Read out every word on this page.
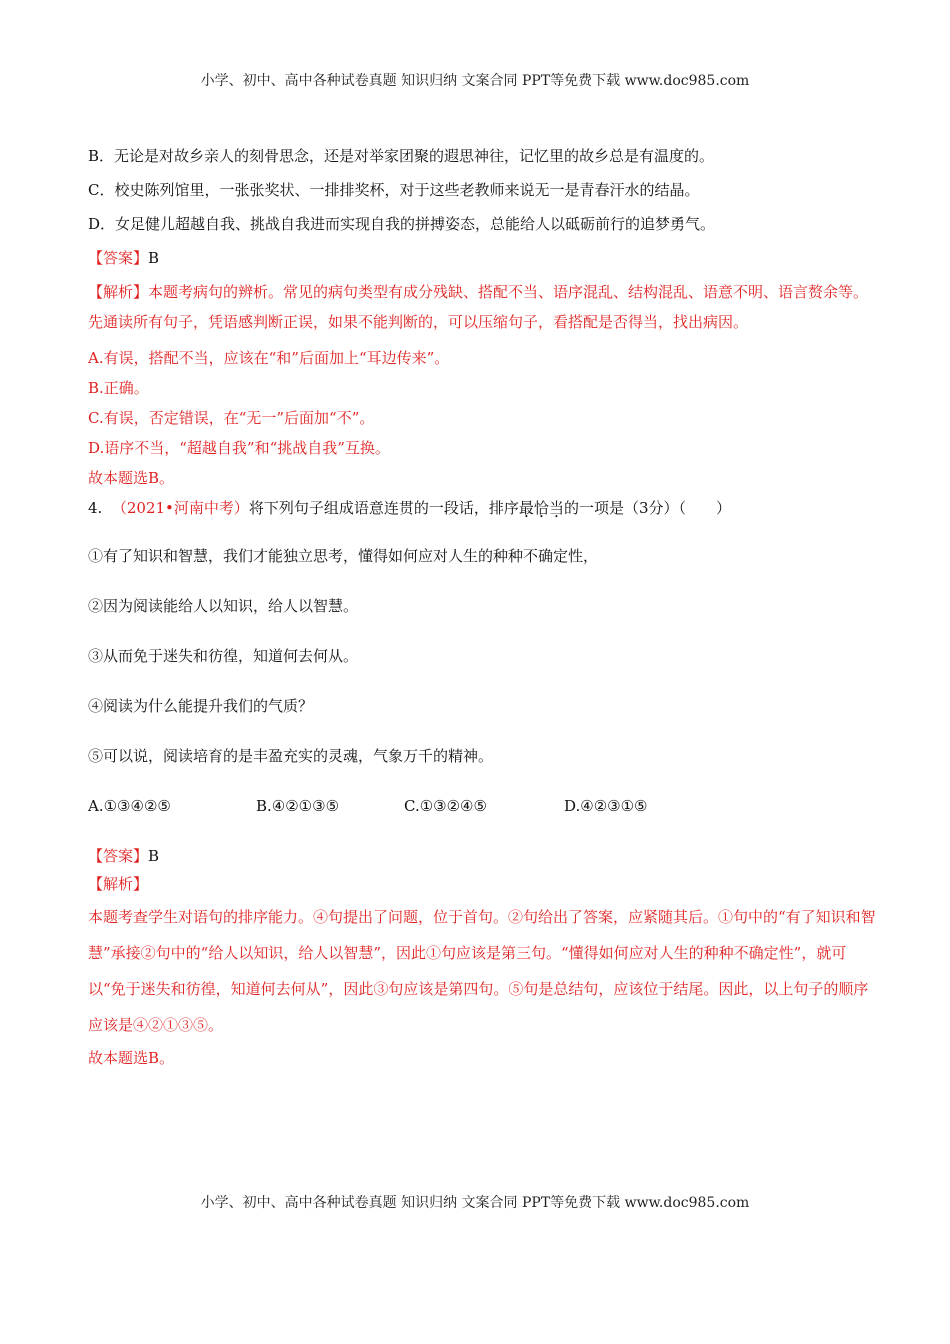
小学、初中、高中各种试卷真题 知识归纳 文案合同 PPT等免费下载 www.doc985.com

B．无论是对故乡亲人的刻骨思念，还是对举家团聚的遐思神往，记忆里的故乡总是有温度的。

C．校史陈列馆里，一张张奖状、一排排奖杯，对于这些老教师来说无一是青春汗水的结晶。

D．女足健儿超越自我、挑战自我进而实现自我的拼搏姿态，总能给人以砥砺前行的追梦勇气。

【答案】B

【解析】本题考病句的辨析。常见的病句类型有成分残缺、搭配不当、语序混乱、结构混乱、语意不明、语言赘余等。先通读所有句子，凭语感判断正误，如果不能判断的，可以压缩句子，看搭配是否得当，找出病因。

A.有误，搭配不当，应该在“和”后面加上“耳边传来”。

B.正确。

C.有误，否定错误，在“无一”后面加“不”。

D.语序不当，“超越自我”和“挑战自我”互换。

故本题选B。

4. （2021•河南中考）将下列句子组成语意连贯的一段话，排序最恰当的一项是（3分）（　　）

①有了知识和智慧，我们才能独立思考，懂得如何应对人生的种种不确定性，

②因为阅读能给人以知识，给人以智慧。

③从而免于迷失和彷徨，知道何去何从。

④阅读为什么能提升我们的气质？

⑤可以说，阅读培育的是丰盈充实的灵魂，气象万千的精神。

A.①③④②⑤	B.④②①③⑤	C.①③②④⑤	D.④②③①⑤

【答案】B

【解析】

本题考查学生对语句的排序能力。④句提出了问题，位于首句。②句给出了答案，应紧随其后。①句中的“有了知识和智慧”承接②句中的“给人以知识，给人以智慧”，因此①句应该是第三句。“懂得如何应对人生的种种不确定性”，就可以“免于迷失和彷徨，知道何去何从”，因此③句应该是第四句。⑤句是总结句，应该位于结尾。因此，以上句子的顺序应该是④②①③⑤。

故本题选B。

小学、初中、高中各种试卷真题 知识归纳 文案合同 PPT等免费下载 www.doc985.com
